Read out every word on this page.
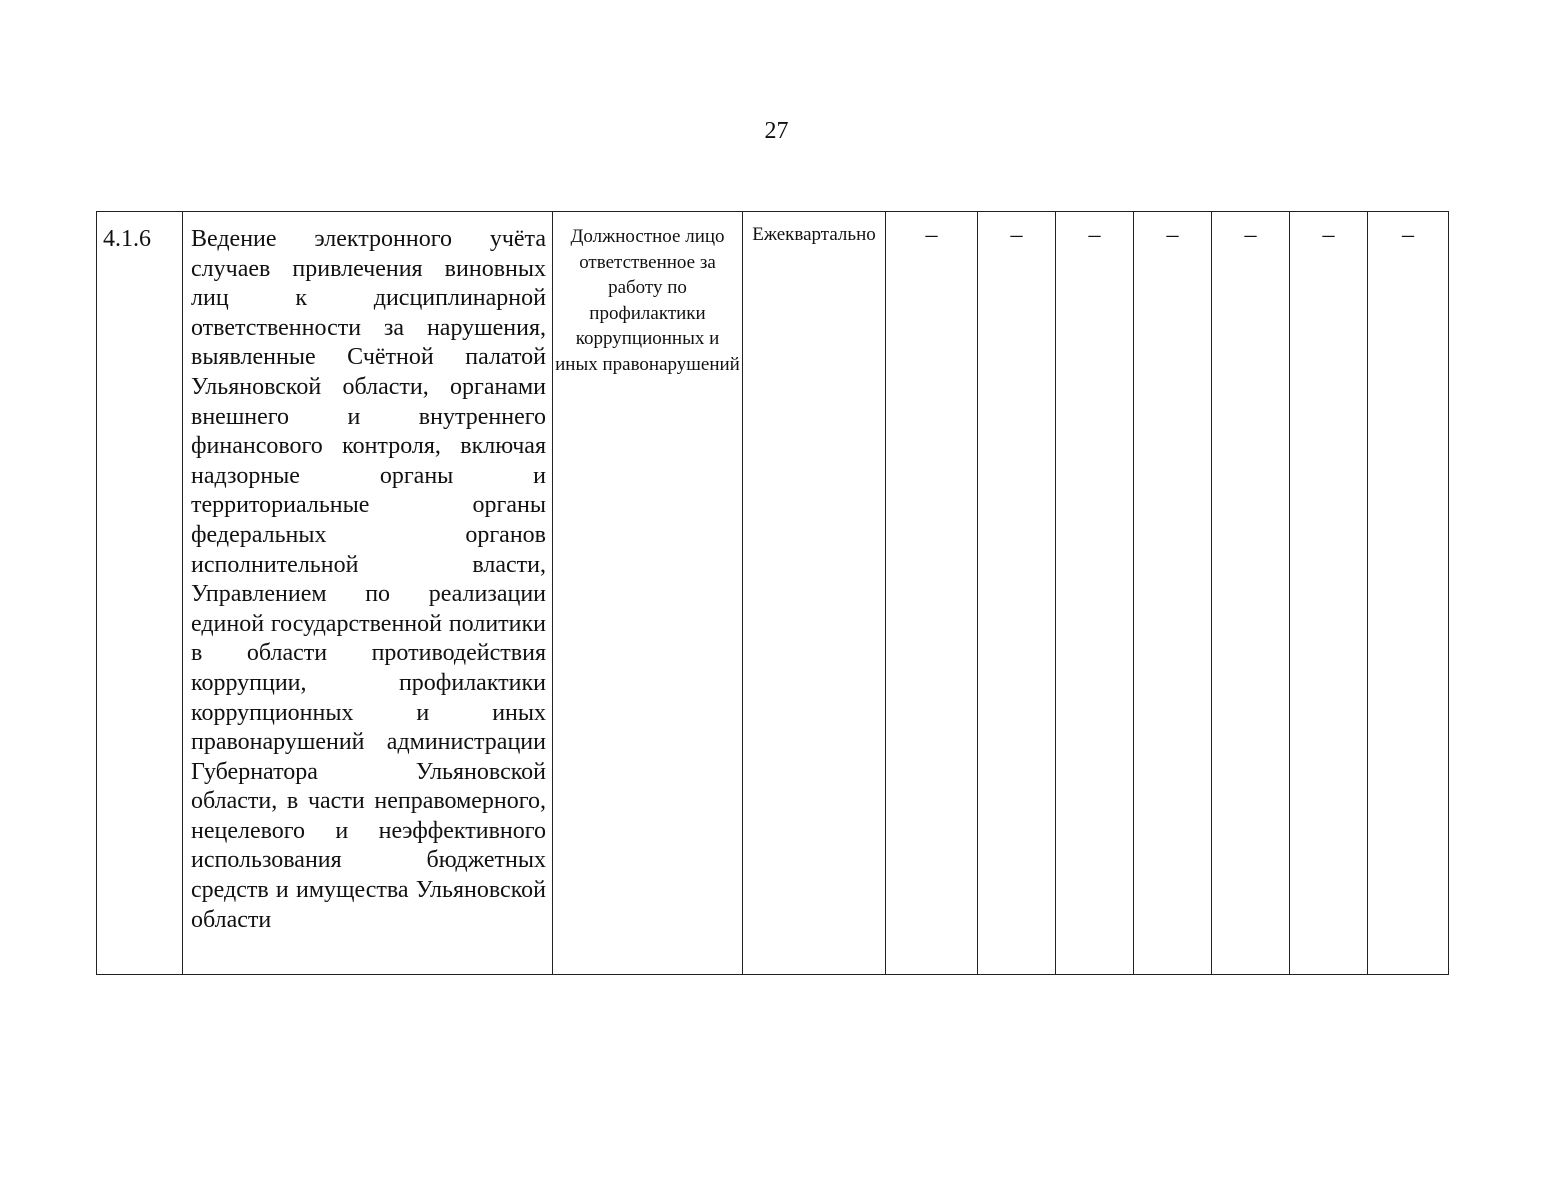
27
4.1.6	Ведение электронного учёта случаев привлечения виновных лиц к дисциплинарной ответственности за нарушения, выявленные Счётной палатой Ульяновской области, органами внешнего и внутреннего финансового контроля, включая надзорные органы и территориальные органы федеральных органов исполнительной власти, Управлением по реализации единой государственной политики в области противодействия коррупции, профилактики коррупционных и иных правонарушений администрации Губернатора Ульяновской области, в части неправомерного, нецелевого и неэффективного использования бюджетных средств и имущества Ульяновской области	Должностное лицо ответственное за работу по профилактики коррупционных и иных правонарушений	Ежеквартально	–	–	–	–	–	–	–
